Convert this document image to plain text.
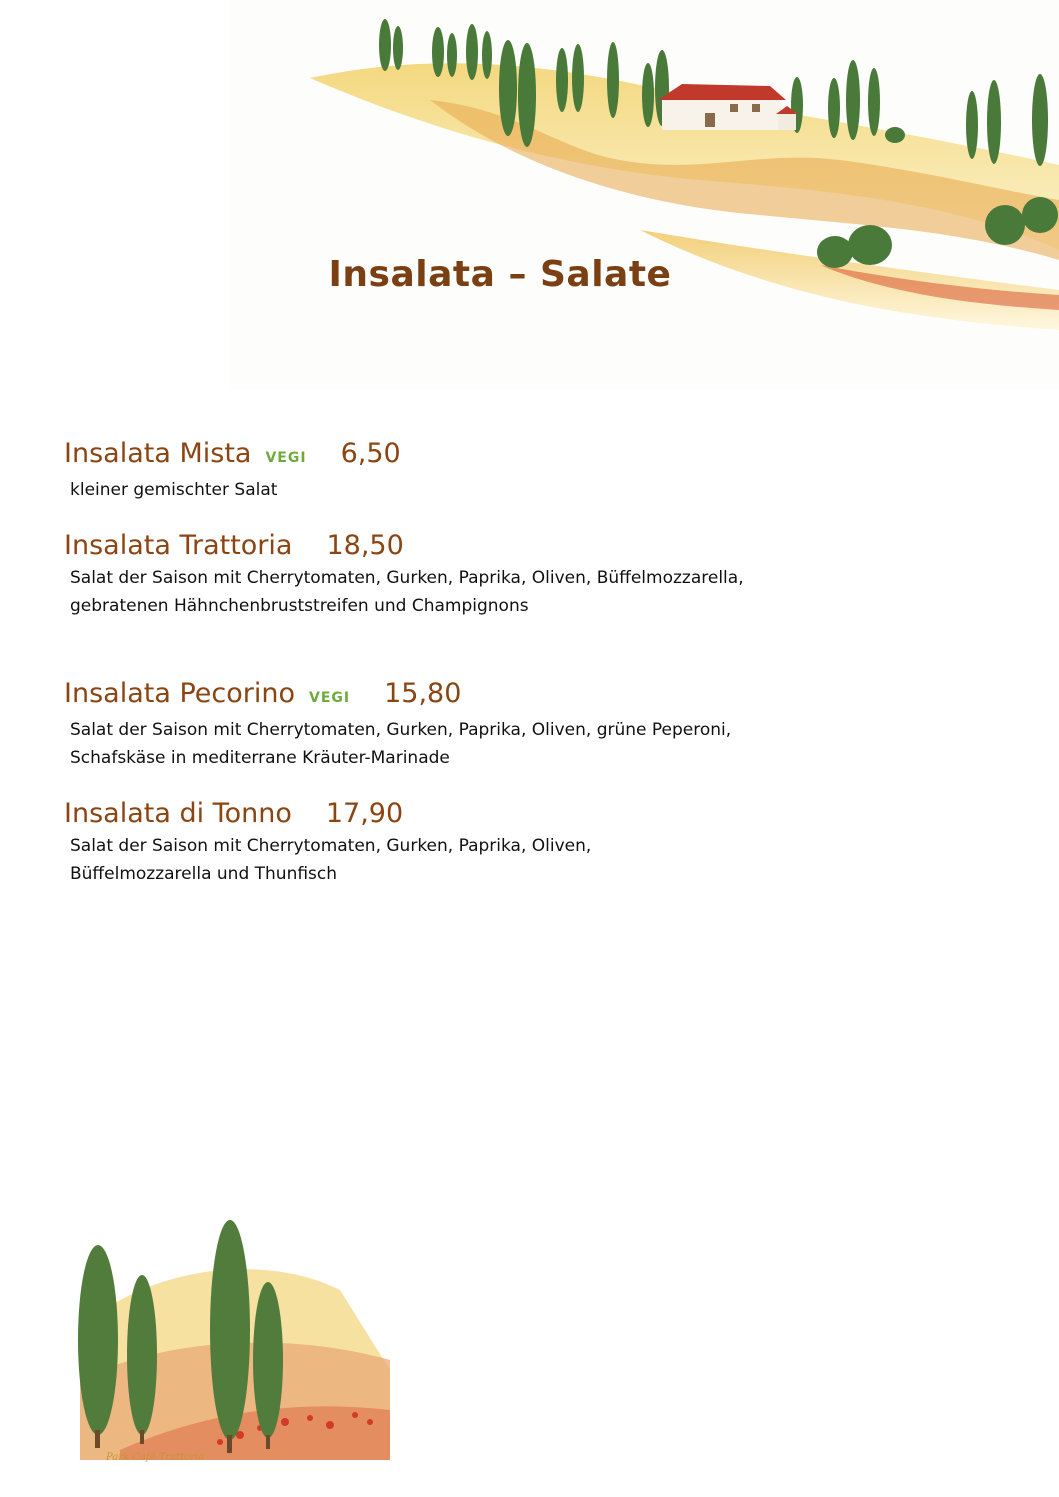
Insalata – Salate
Insalata Mista VEGI 6,50
kleiner gemischter Salat
Insalata Trattoria 18,50
Salat der Saison mit Cherrytomaten, Gurken, Paprika, Oliven, Büffelmozzarella,
gebratenen Hähnchenbruststreifen und Champignons
Insalata Pecorino VEGI 15,80
Salat der Saison mit Cherrytomaten, Gurken, Paprika, Oliven, grüne Peperoni,
Schafskäse in mediterrane Kräuter-Marinade
Insalata di Tonno 17,90
Salat der Saison mit Cherrytomaten, Gurken, Paprika, Oliven,
Büffelmozzarella und Thunfisch
Park Café Trattoria
